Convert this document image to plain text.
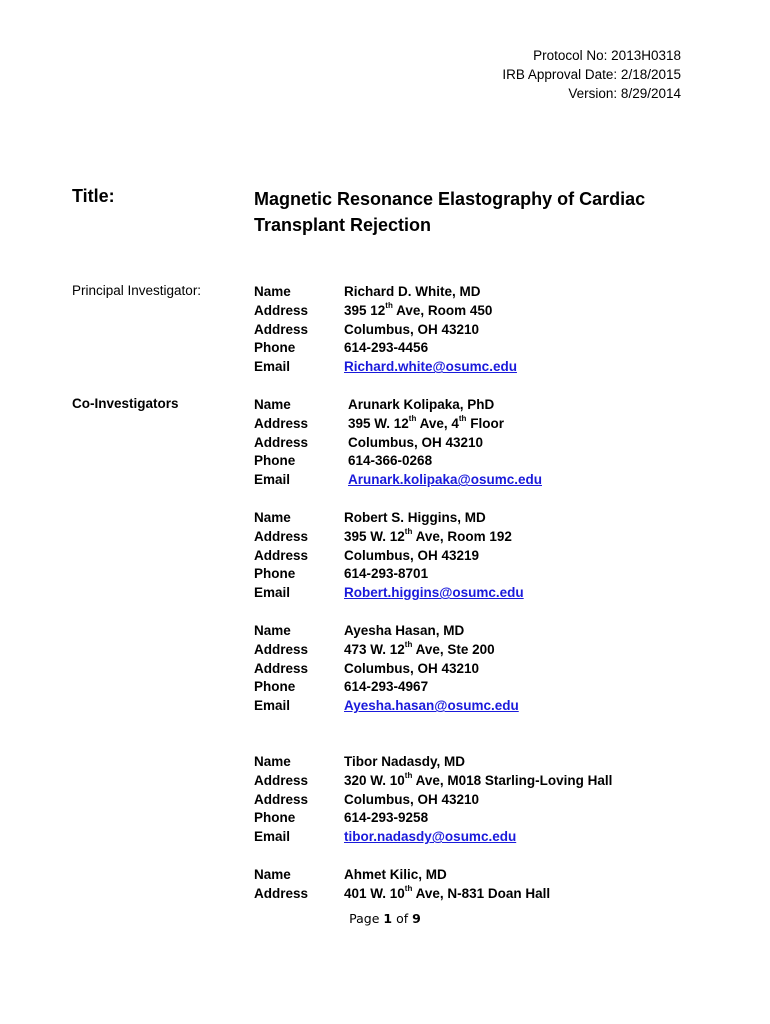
Protocol No: 2013H0318
IRB Approval Date: 2/18/2015
Version: 8/29/2014
Title:	Magnetic Resonance Elastography of Cardiac
Transplant Rejection
Principal Investigator:	Name	Richard D. White, MD
Address	395 12th Ave, Room 450
Address	Columbus, OH 43210
Phone	614-293-4456
Email	Richard.white@osumc.edu
Co-Investigators	Name	Arunark Kolipaka, PhD
Address	395 W. 12th Ave, 4th Floor
Address	Columbus, OH 43210
Phone	614-366-0268
Email	Arunark.kolipaka@osumc.edu
Name	Robert S. Higgins, MD
Address	395 W. 12th Ave, Room 192
Address	Columbus, OH 43219
Phone	614-293-8701
Email	Robert.higgins@osumc.edu
Name	Ayesha Hasan, MD
Address	473 W. 12th Ave, Ste 200
Address	Columbus, OH 43210
Phone	614-293-4967
Email	Ayesha.hasan@osumc.edu
Name	Tibor Nadasdy, MD
Address	320 W. 10th Ave, M018 Starling-Loving Hall
Address	Columbus, OH 43210
Phone	614-293-9258
Email	tibor.nadasdy@osumc.edu
Name	Ahmet Kilic, MD
Address	401 W. 10th Ave, N-831 Doan Hall
Page 1 of 9
